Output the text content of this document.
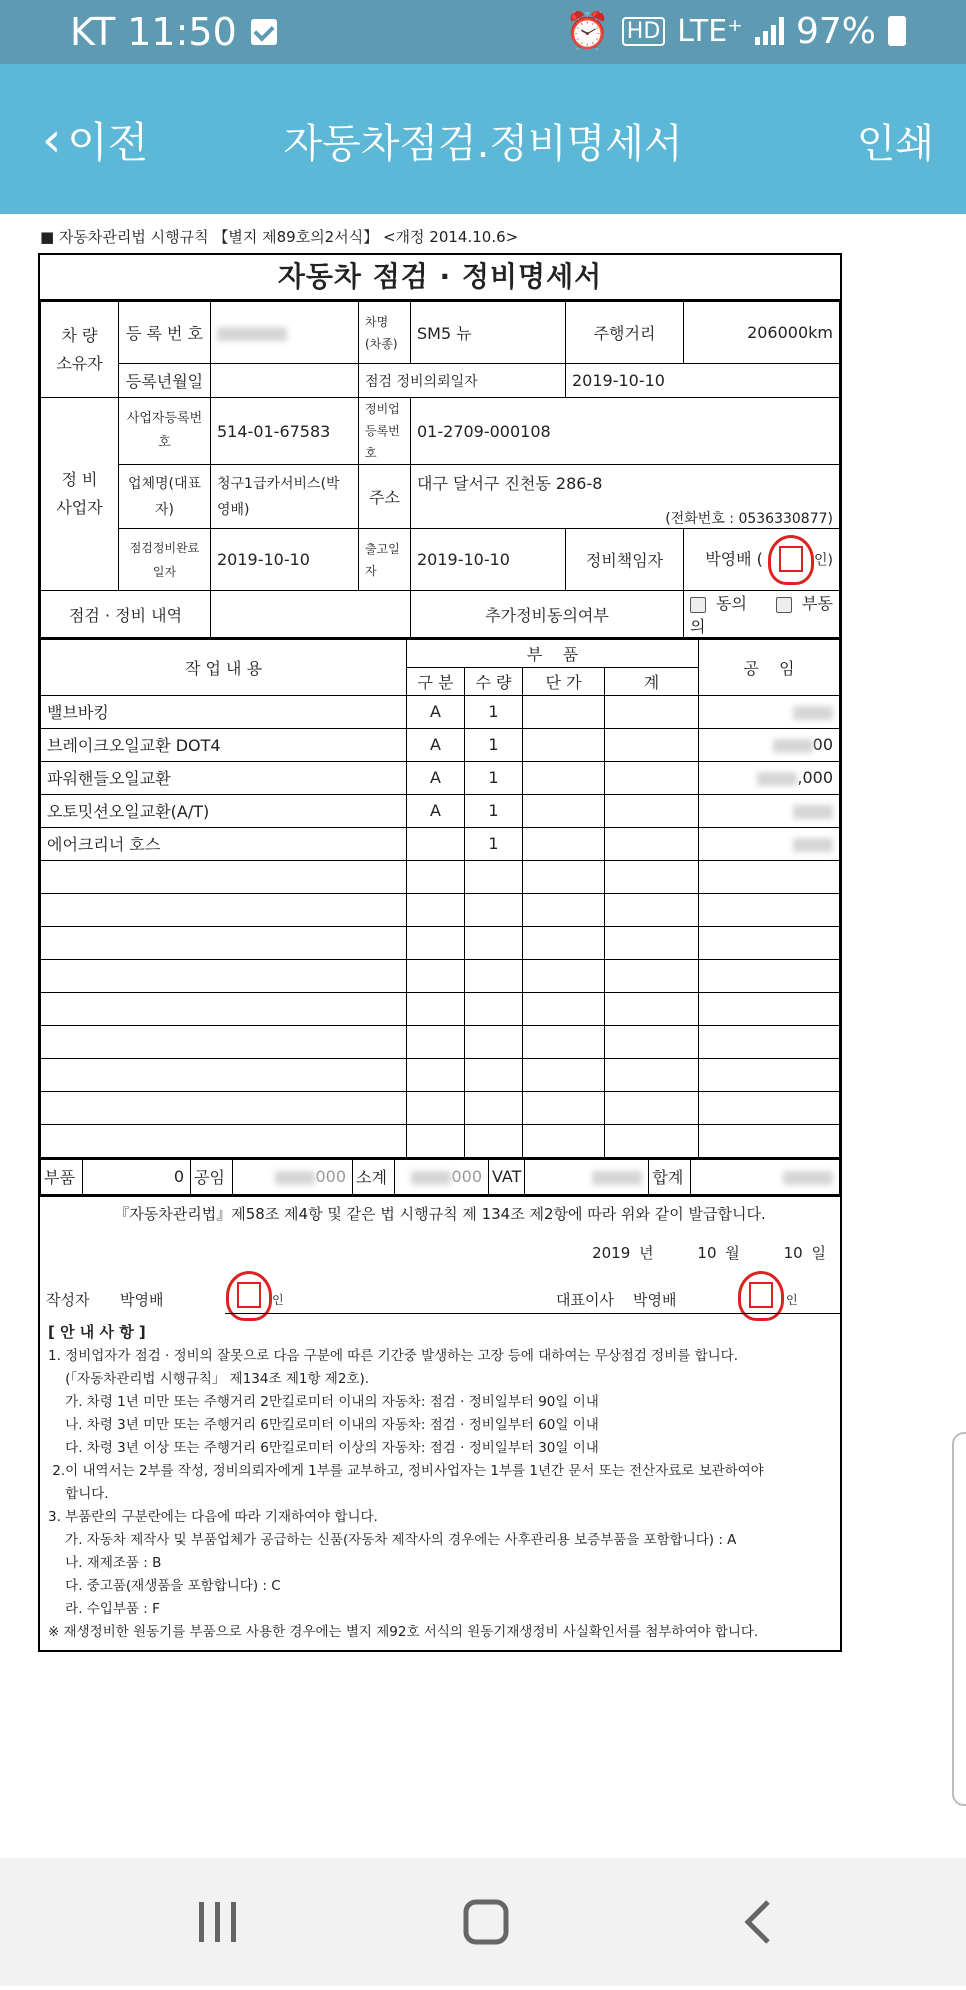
KT 11:50	⏰ HD LTE⁺ 97%
‹ 이전	자동차점검.정비명세서	인쇄
■ 자동차관리법 시행규칙 【별지 제89호의2서식】 <개정 2014.10.6>
자동차 점검 · 정비명세서
차 량
소유자	등 록 번 호		차명(차종)	SM5 뉴	주행거리	206000km
	등록년월일		점검 정비의뢰일자		2019-10-10	
정 비
사업자	사업자등록번호	514-01-67583	정비업등록번호	01-2709-000108		
	업체명(대표자)	청구1급카서비스(박영배)	주소	대구 달서구 진천동 286-8
(전화번호 : 0536330877)		

	점검정비완료일자	2019-10-10	출고일자	2019-10-10	정비책임자	박영배 ( 인)
점검 · 정비 내역				추가정비동의여부		동의 부동의
작 업 내 용	부    품				공    임
	구 분	수 량	단 가	계	
밸브바킹	A	1			
브레이크오일교환 DOT4	A	1			00
파워핸들오일교환	A	1			,000
오토밋션오일교환(A/T)	A	1			
에어크리너 호스		1			

부품	0	공임	000	소계	000	VAT		합계	
『자동차관리법』제58조 제4항 및 같은 법 시행규칙 제 134조 제2항에 따라 위와 같이 발급합니다.
2019 년	10 월	10 일
작성자 박영배	인	대표이사 박영배	인
[ 안 내 사 항 ]
1. 정비업자가 점검 · 정비의 잘못으로 다음 구분에 따른 기간중 발생하는 고장 등에 대하여는 무상점검 정비를 합니다.
(「자동차관리법 시행규칙」 제134조 제1항 제2호).
가. 차령 1년 미만 또는 주행거리 2만킬로미터 이내의 자동차: 점검 · 정비일부터 90일 이내
나. 차령 3년 미만 또는 주행거리 6만킬로미터 이내의 자동차: 점검 · 정비일부터 60일 이내
다. 차령 3년 이상 또는 주행거리 6만킬로미터 이상의 자동차: 점검 · 정비일부터 30일 이내
2.이 내역서는 2부를 작성, 정비의뢰자에게 1부를 교부하고, 정비사업자는 1부를 1년간 문서 또는 전산자료로 보관하여야
합니다.
3. 부품란의 구분란에는 다음에 따라 기재하여야 합니다.
가. 자동차 제작사 및 부품업체가 공급하는 신품(자동차 제작사의 경우에는 사후관리용 보증부품을 포함합니다) : A
나. 재제조품 : B
다. 중고품(재생품을 포함합니다) : C
라. 수입부품 : F
※ 재생정비한 원동기를 부품으로 사용한 경우에는 별지 제92호 서식의 원동기재생정비 사실확인서를 첨부하여야 합니다.
